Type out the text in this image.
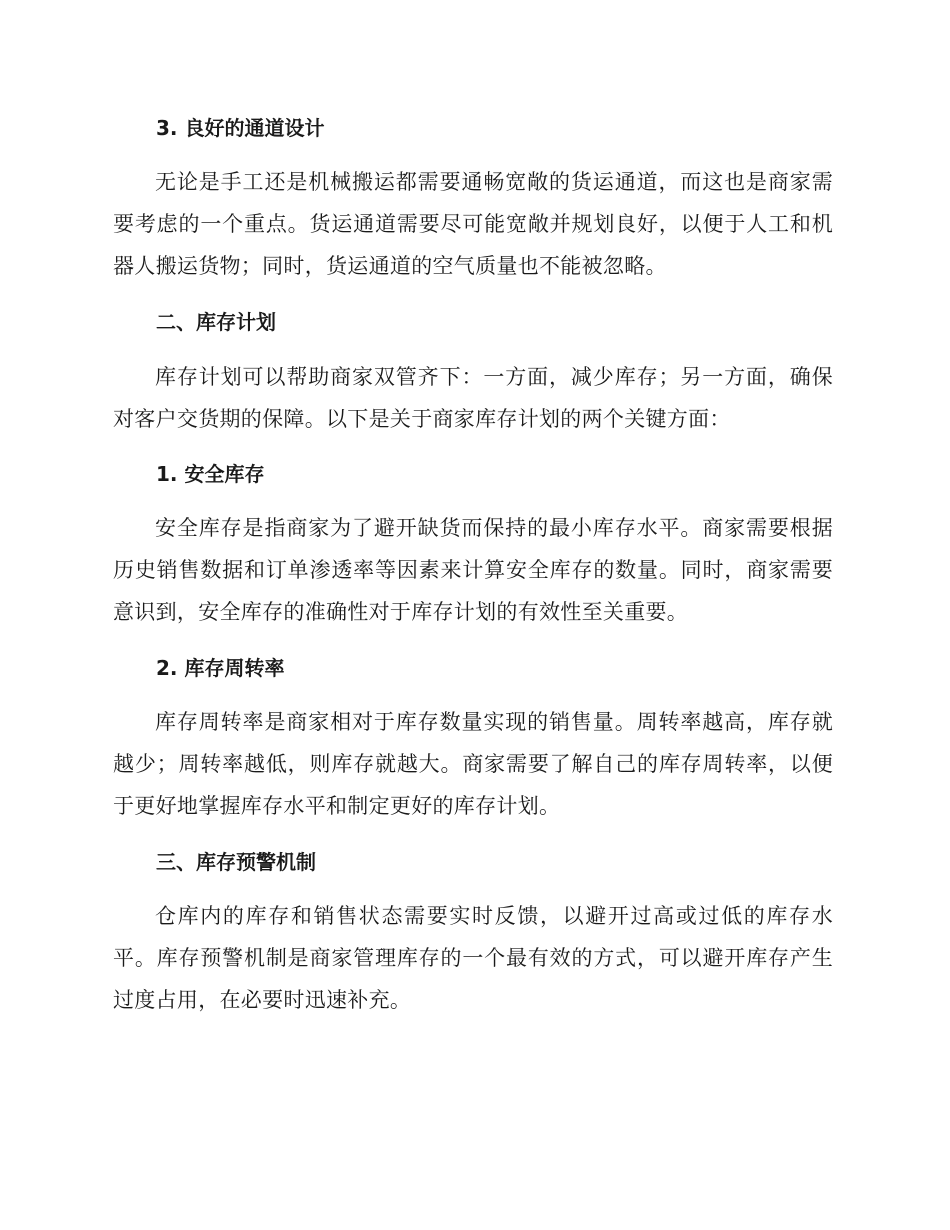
3. 良好的通道设计

无论是手工还是机械搬运都需要通畅宽敞的货运通道，而这也是商家需要考虑的一个重点。货运通道需要尽可能宽敞并规划良好，以便于人工和机器人搬运货物；同时，货运通道的空气质量也不能被忽略。

二、库存计划

库存计划可以帮助商家双管齐下：一方面，减少库存；另一方面，确保对客户交货期的保障。以下是关于商家库存计划的两个关键方面：

1. 安全库存

安全库存是指商家为了避开缺货而保持的最小库存水平。商家需要根据历史销售数据和订单渗透率等因素来计算安全库存的数量。同时，商家需要意识到，安全库存的准确性对于库存计划的有效性至关重要。

2. 库存周转率

库存周转率是商家相对于库存数量实现的销售量。周转率越高，库存就越少；周转率越低，则库存就越大。商家需要了解自己的库存周转率，以便于更好地掌握库存水平和制定更好的库存计划。

三、库存预警机制

仓库内的库存和销售状态需要实时反馈，以避开过高或过低的库存水平。库存预警机制是商家管理库存的一个最有效的方式，可以避开库存产生过度占用，在必要时迅速补充。
